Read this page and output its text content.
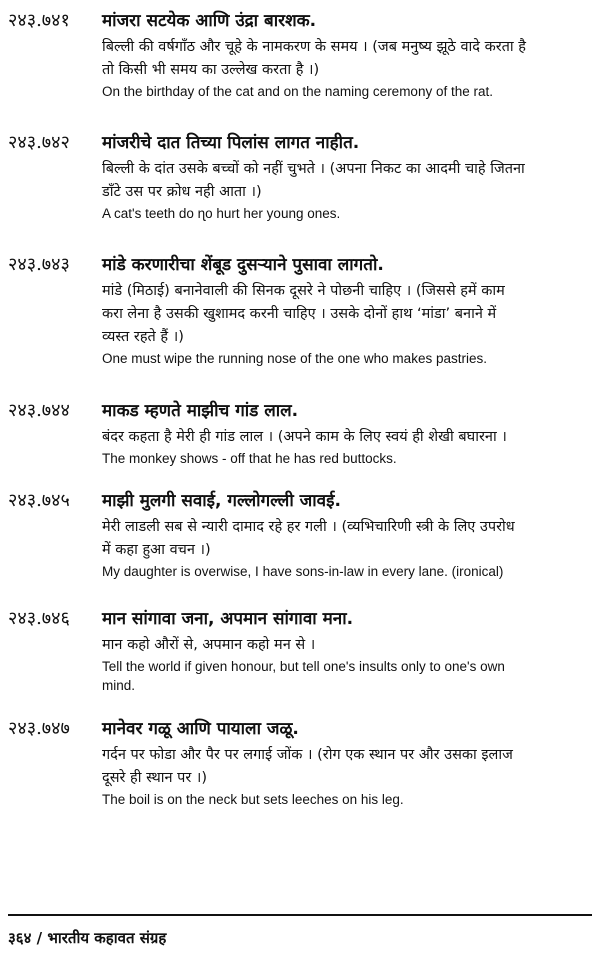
२४३.७४१ मांजरा सटयेक आणि उंद्रा बारशक.
बिल्ली की वर्षगाँठ और चूहे के नामकरण के समय । (जब मनुष्य झूठे वादे करता है
तो किसी भी समय का उल्लेख करता है ।)
On the birthday of the cat and on the naming ceremony of the rat.
२४३.७४२ मांजरीचे दात तिच्या पिलांस लागत नाहीत.
बिल्ली के दांत उसके बच्चों को नहीं चुभते । (अपना निकट का आदमी चाहे जितना
डाँटे उस पर क्रोध नही आता ।)
A cat's teeth do ɳo hurt her young ones.
२४३.७४३ मांडे करणारीचा शेंबूड दुसऱ्याने पुसावा लागतो.
मांडे (मिठाई) बनानेवाली की सिनक दूसरे ने पोछनी चाहिए । (जिससे हमें काम
करा लेना है उसकी खुशामद करनी चाहिए । उसके दोनों हाथ ‘मांडा’ बनाने में
व्यस्त रहते हैं ।)
One must wipe the running nose of the one who makes pastries.
२४३.७४४ माकड म्हणते माझीच गांड लाल.
बंदर कहता है मेरी ही गांड लाल । (अपने काम के लिए स्वयं ही शेखी बघारना ।
The monkey shows - off that he has red buttocks.
२४३.७४५ माझी मुलगी सवाई, गल्लोगल्ली जावई.
मेरी लाडली सब से न्यारी दामाद रहे हर गली । (व्यभिचारिणी स्त्री के लिए उपरोध
में कहा हुआ वचन ।)
My daughter is overwise, I have sons-in-law in every lane. (ironical)
२४३.७४६ मान सांगावा जना, अपमान सांगावा मना.
मान कहो औरों से, अपमान कहो मन से ।
Tell the world if given honour, but tell one's insults only to one's own
mind.
२४३.७४७ मानेवर गळू आणि पायाला जळू.
गर्दन पर फोडा और पैर पर लगाई जोंक । (रोग एक स्थान पर और उसका इलाज
दूसरे ही स्थान पर ।)
The boil is on the neck but sets leeches on his leg.
३६४ / भारतीय कहावत संग्रह
